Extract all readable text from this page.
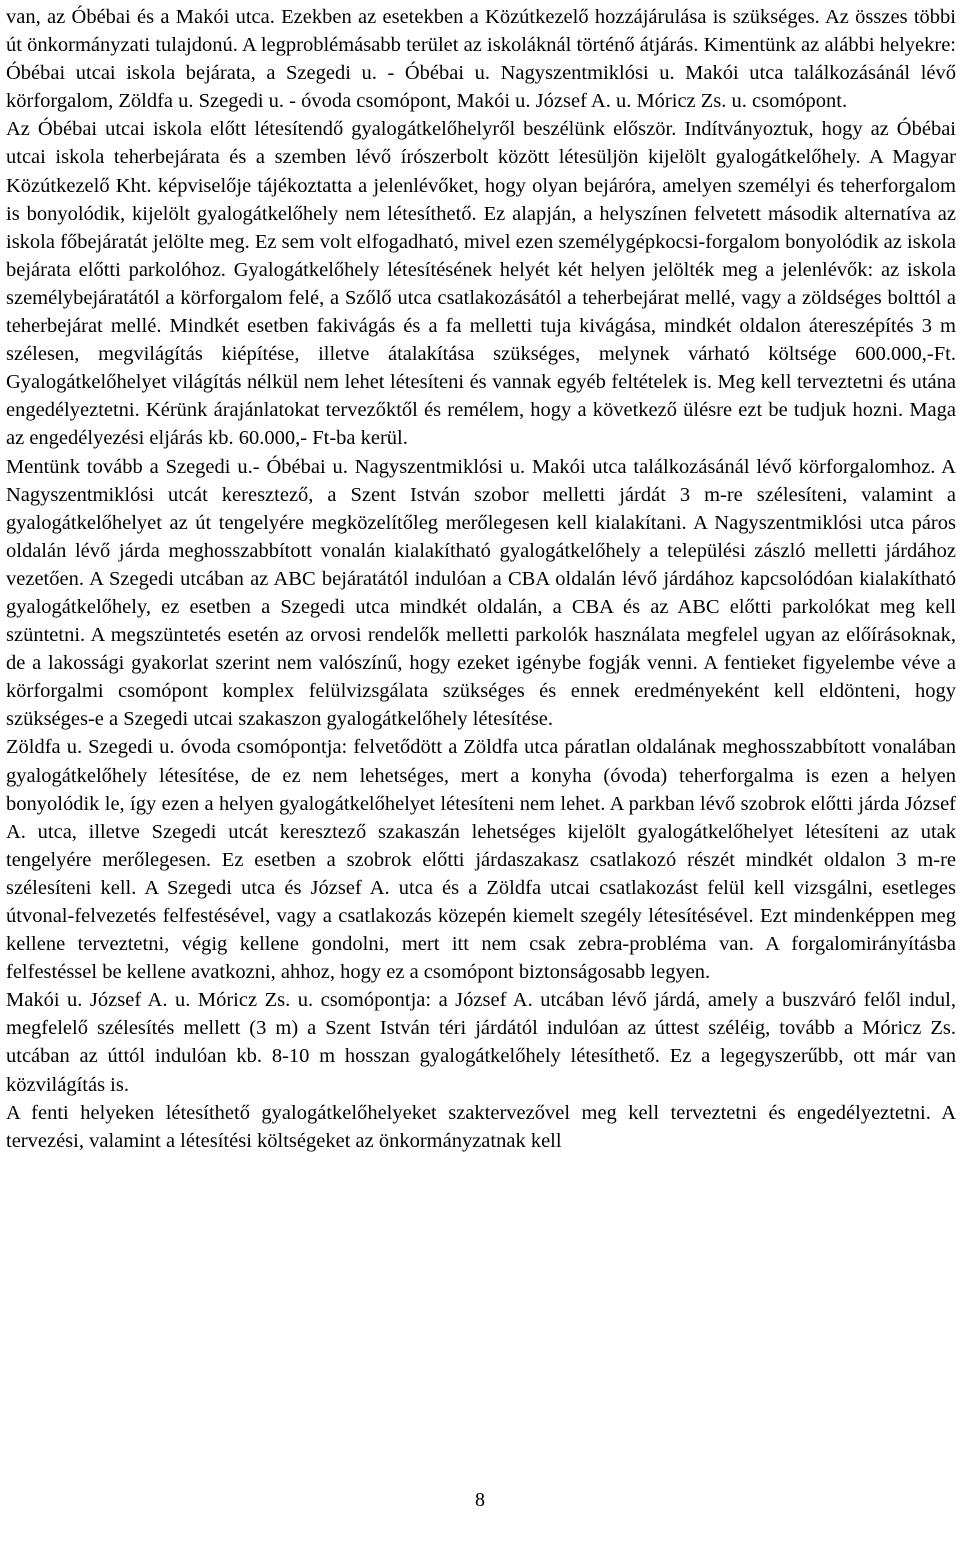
van, az Óbébai és a Makói utca. Ezekben az esetekben a Közútkezelő hozzájárulása is szükséges. Az összes többi út önkormányzati tulajdonú. A legproblémásabb terület az iskoláknál történő átjárás. Kimentünk az alábbi helyekre: Óbébai utcai iskola bejárata, a Szegedi u. - Óbébai u. Nagyszentmiklósi u. Makói utca találkozásánál lévő körforgalom, Zöldfa u. Szegedi u. - óvoda csomópont, Makói u. József A. u. Móricz Zs. u. csomópont.

Az Óbébai utcai iskola előtt létesítendő gyalogátkelőhelyről beszélünk először. Indítványoztuk, hogy az Óbébai utcai iskola teherbejárata és a szemben lévő írószerbolt között létesüljön kijelölt gyalogátkelőhely. A Magyar Közútkezelő Kht. képviselője tájékoztatta a jelenlévőket, hogy olyan bejáróra, amelyen személyi és teherforgalom is bonyolódik, kijelölt gyalogátkelőhely nem létesíthető. Ez alapján, a helyszínen felvetett második alternatíva az iskola főbejáratát jelölte meg. Ez sem volt elfogadható, mivel ezen személygépkocsi-forgalom bonyolódik az iskola bejárata előtti parkolóhoz. Gyalogátkelőhely létesítésének helyét két helyen jelölték meg a jelenlévők: az iskola személybejáratától a körforgalom felé, a Szőlő utca csatlakozásától a teherbejárat mellé, vagy a zöldséges bolttól a teherbejárat mellé. Mindkét esetben fakivágás és a fa melletti tuja kivágása, mindkét oldalon átereszépítés 3 m szélesen, megvilágítás kiépítése, illetve átalakítása szükséges, melynek várható költsége 600.000,-Ft. Gyalogátkelőhelyet világítás nélkül nem lehet létesíteni és vannak egyéb feltételek is. Meg kell terveztetni és utána engedélyeztetni. Kérünk árajánlatokat tervezőktől és remélem, hogy a következő ülésre ezt be tudjuk hozni. Maga az engedélyezési eljárás kb. 60.000,- Ft-ba kerül.

Mentünk tovább a Szegedi u.- Óbébai u. Nagyszentmiklósi u. Makói utca találkozásánál lévő körforgalomhoz. A Nagyszentmiklósi utcát keresztező, a Szent István szobor melletti járdát 3 m-re szélesíteni, valamint a gyalogátkelőhelyet az út tengelyére megközelítőleg merőlegesen kell kialakítani. A Nagyszentmiklósi utca páros oldalán lévő járda meghosszabbított vonalán kialakítható gyalogátkelőhely a települési zászló melletti járdához vezetően. A Szegedi utcában az ABC bejáratától indulóan a CBA oldalán lévő járdához kapcsolódóan kialakítható gyalogátkelőhely, ez esetben a Szegedi utca mindkét oldalán, a CBA és az ABC előtti parkolókat meg kell szüntetni. A megszüntetés esetén az orvosi rendelők melletti parkolók használata megfelel ugyan az előírásoknak, de a lakossági gyakorlat szerint nem valószínű, hogy ezeket igénybe fogják venni. A fentieket figyelembe véve a körforgalmi csomópont komplex felülvizsgálata szükséges és ennek eredményeként kell eldönteni, hogy szükséges-e a Szegedi utcai szakaszon gyalogátkelőhely létesítése.

Zöldfa u. Szegedi u. óvoda csomópontja: felvetődött a Zöldfa utca páratlan oldalának meghosszabbított vonalában gyalogátkelőhely létesítése, de ez nem lehetséges, mert a konyha (óvoda) teherforgalma is ezen a helyen bonyolódik le, így ezen a helyen gyalogátkelőhelyet létesíteni nem lehet. A parkban lévő szobrok előtti járda József A. utca, illetve Szegedi utcát keresztező szakaszán lehetséges kijelölt gyalogátkelőhelyet létesíteni az utak tengelyére merőlegesen. Ez esetben a szobrok előtti járdaszakasz csatlakozó részét mindkét oldalon 3 m-re szélesíteni kell. A Szegedi utca és József A. utca és a Zöldfa utcai csatlakozást felül kell vizsgálni, esetleges útvonal-felvezetés felfestésével, vagy a csatlakozás közepén kiemelt szegély létesítésével. Ezt mindenképpen meg kellene terveztetni, végig kellene gondolni, mert itt nem csak zebra-probléma van. A forgalomirányításba felfestéssel be kellene avatkozni, ahhoz, hogy ez a csomópont biztonságosabb legyen.

Makói u. József A. u. Móricz Zs. u. csomópontja: a József A. utcában lévő járdá, amely a buszváró felől indul, megfelelő szélesítés mellett (3 m) a Szent István téri járdától indulóan az úttest széléig, tovább a Móricz Zs. utcában az úttól indulóan kb. 8-10 m hosszan gyalogátkelőhely létesíthető. Ez a legegyszerűbb, ott már van közvilágítás is.

A fenti helyeken létesíthető gyalogátkelőhelyeket szaktervezővel meg kell terveztetni és engedélyeztetni. A tervezési, valamint a létesítési költségeket az önkormányzatnak kell

8
